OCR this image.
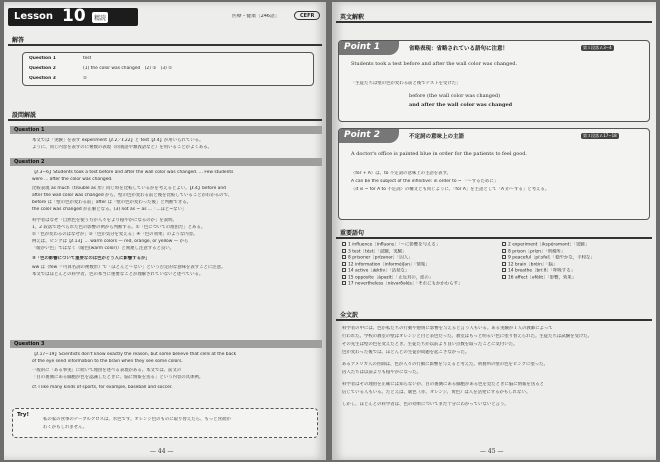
Lesson 10	精読	医療・健康［246語］	CEFR
解答
Question 1	test
Question 2	(1) the color was changed　(2) ③　(3) ①
Question 3	②
設問解説
Question 1
本文では「実験」を表す experiment【ℓ.2／ℓ.22】と test【ℓ.4】が用いられている。
ように、同じ内容を表すのに複数の表現（同義語や類義語など）を用いることがよくある。
Question 2
【ℓ.3−6】Students took a test before and after the wall color was changed. ... Few students
were ... after the color was changed.
比較表現 as much（trouble as 形）同じ時を比較しているかを考えるとよい。【ℓ.4】before and
after the wall color was changed から、壁の色が変わる前と後を比較していることがわかるので、
before は「壁の色が変わる前」after は「壁の色が変わった後」と判断できる。
the color was changed が正解となる。(3) not as ~ as ...「...ほど~ない」
科学者はなぜ「自然色を使う方が人々をより穏やかになるのか」を説明。
1，2 段落で述べられた色の影響の例から判断する。①「色についての理由だ」とある。
②「色が変わるのはなぜか」③「色が気分を変える」④「色の効果」のような内容。
例えば、ピンクは【ℓ.13】... warm colors — red, orange, or yellow — から
「暖かい色」ではなく（暖色(warm color)）と関連し注意すると良い。
③「色の影響について重要なのは色がどう人に影響するか」
ww は（few ＝可算名詞の複数形）で「ほとんど〜ない」という否定的な意味を表すことに注意。
本文ではほとんどの科学者、色の本当に重要なことが理解されていないと述べている。
Question 3
【ℓ.17−19】Scientists don't know exactly the reason, but some believe that cells at the back
of the eye send information to the brain when they see some colors.
一般的に「ある事実」に続いて理由を述べる表現がある。本文では、前文の
「目の裏側にある細胞が色を認識したときに、脳に情報を送る」という内容の具体例。
cf. I like many kinds of sports, for example, baseball and soccer.
Try!
私の家の食事のテーブルクロスは、水色です。オレンジ色のものに取り替えたら、もっと食欲が
わくかもしれません。
— 44 —
英文解釈
Point 1	省略表現：省略されている語句に注意！	第１段落 ℓ.3−4
Students took a test before and after the wall color was changed.
「生徒たちは壁の色が変わる前と後でテストを受けた」
before (the wall color was changed)
and after the wall color was changed
Point 2	不定詞の意味上の主語	第３段落 ℓ.17−18
A doctor's office is painted blue in order for the patients to feel good.
〈for + A〉は、to 不定詞の意味上の主語を表す。
A can be the subject of the infinitive: in order to ~ 「〜するために」
〈it is ~ for A to 不定詞〉の構文とも同じように、「for A」を主語として「A が〜する」と考える。
重要語句
1 influence［ínfluəns］「〜に影響を与える」
3 test［tést］「試験，実験」
8 prisoner［prízənər］「囚人」
12 information［ìnfərméiʃən］「情報」
14 active［ǽktiv］「活発な」
15 opposite［ápəzit］「正反対の，逆の」
17 nevertheless［nèvərðəlés］「それにもかかわらず」
2 experiment［ikspérəmənt］「実験」
8 prison［prízn］「刑務所」
9 peaceful［píːsfəl］「穏やかな，平和な」
12 brain［bréin］「脳」
14 breathe［bríːð］「呼吸する」
16 affect［əfékt］「影響，効果」
全文訳
科学者の中には、色が私たちの行動や感情に影響を与えると言う人もいる。ある実験が１人の教師によって
行われた。学校の教室の壁はオレンジと白と茶色だった。教室はもっと明るい色に塗り替えられた。生徒たちは試験を受けた。
その先生は壁の色を変えたとき、生徒たちが以前より良い点数を取ったことに気付いた。
色が変わった後では、ほとんどの生徒が問題を起こさなかった。
あるアメリカ人の医師は、色が人々の行動に影響を与えると考えた。刑務所の壁の色をピンクに塗った。
囚人たちは以前よりも穏やかになった。
科学者はその理由を正確には知らないが、目の裏側にある細胞がある色を見たときに脳に情報を送ると
信じている人もいる。たとえば、暖色（赤、オレンジ、黄色）は人を活発にするかもしれない。
しかし、ほとんどの科学者は、色の効果についてまだ十分にわかっていないと言う。
— 45 —
